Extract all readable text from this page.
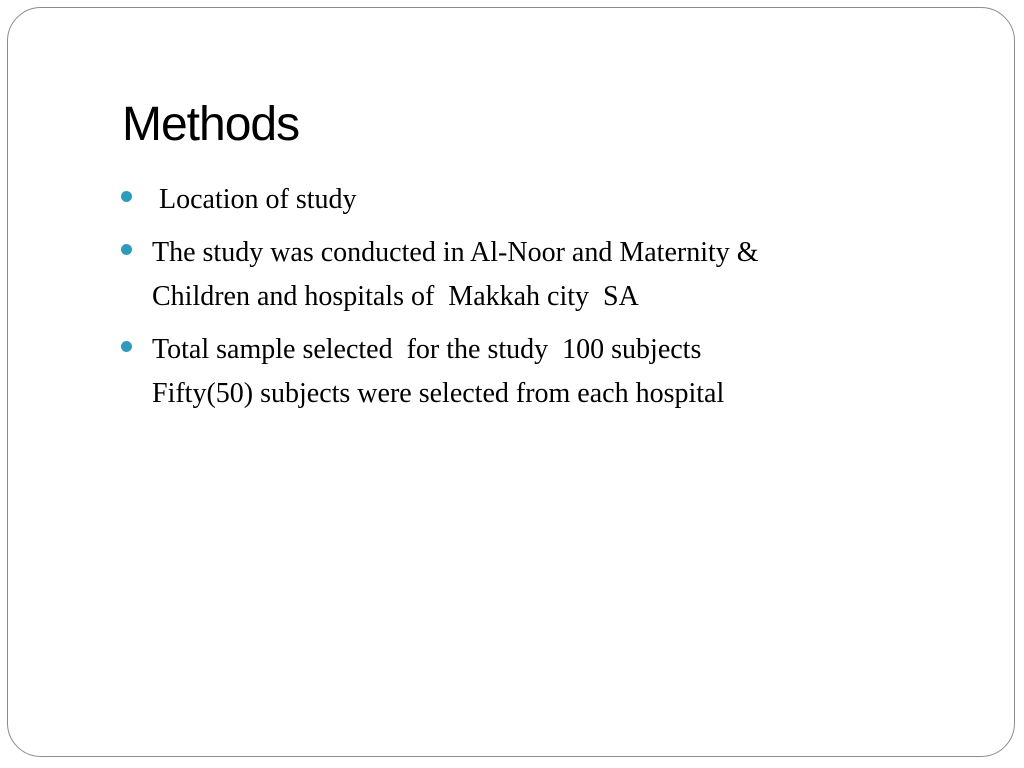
Methods
Location of study
The study was conducted in Al-Noor and Maternity &
Children and hospitals of  Makkah city  SA
Total sample selected  for the study  100 subjects
Fifty(50) subjects were selected from each hospital
